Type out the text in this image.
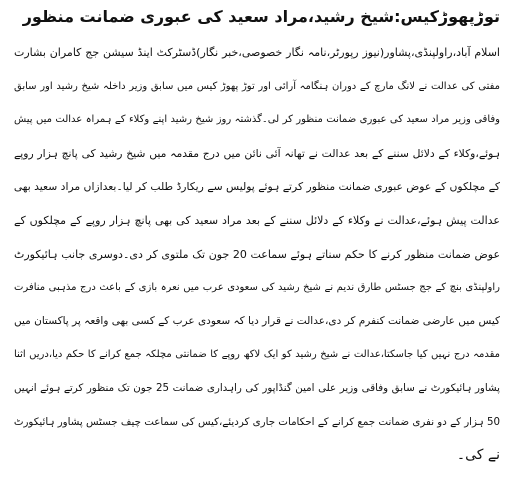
توڑپھوڑکیس:شیخ رشید،مراد سعید کی عبوری ضمانت منظور
اسلام آباد،راولپنڈی،پشاور(نیوز رپورٹر،نامہ نگار خصوصی،خبر نگار)ڈسٹرکٹ اینڈ سیشن جج کامران بشارت
مفتی کی عدالت نے لانگ مارچ کے دوران ہنگامہ آرائی اور توڑ پھوڑ کیس میں سابق وزیر داخلہ شیخ رشید اور سابق
وفاقی وزیر مراد سعید کی عبوری ضمانت منظور کر لی۔گذشتہ روز شیخ رشید اپنے وکلاء کے ہمراہ عدالت میں پیش
ہوئے،وکلاء کے دلائل سننے کے بعد عدالت نے تھانہ آئی نائن میں درج مقدمہ میں شیخ رشید کی پانچ ہزار روپے
کے مچلکوں کے عوض عبوری ضمانت منظور کرتے ہوئے پولیس سے ریکارڈ طلب کر لیا۔بعدازاں مراد سعید بھی
عدالت پیش ہوئے،عدالت نے وکلاء کے دلائل سننے کے بعد مراد سعید کی بھی پانچ ہزار روپے کے مچلکوں کے
عوض ضمانت منظور کرنے کا حکم سناتے ہوئے سماعت 20 جون تک ملتوی کر دی۔دوسری جانب ہائیکورٹ
راولپنڈی بنچ کے جج جسٹس طارق ندیم نے شیخ رشید کی سعودی عرب میں نعرہ بازی کے باعث درج مذہبی منافرت
کیس میں عارضی ضمانت کنفرم کر دی،عدالت نے قرار دیا کہ سعودی عرب کے کسی بھی واقعہ پر پاکستان میں
مقدمہ درج نہیں کیا جاسکتا،عدالت نے شیخ رشید کو ایک لاکھ روپے کا ضمانتی مچلکہ جمع کرانے کا حکم دیا،دریں اثنا
پشاور ہائیکورٹ نے سابق وفاقی وزیر علی امین گنڈاپور کی راہداری ضمانت 25 جون تک منظور کرتے ہوئے انہیں
50 ہزار کے دو نفری ضمانت جمع کرانے کے احکامات جاری کردیئے،کیس کی سماعت چیف جسٹس پشاور ہائیکورٹ
نے کی۔
